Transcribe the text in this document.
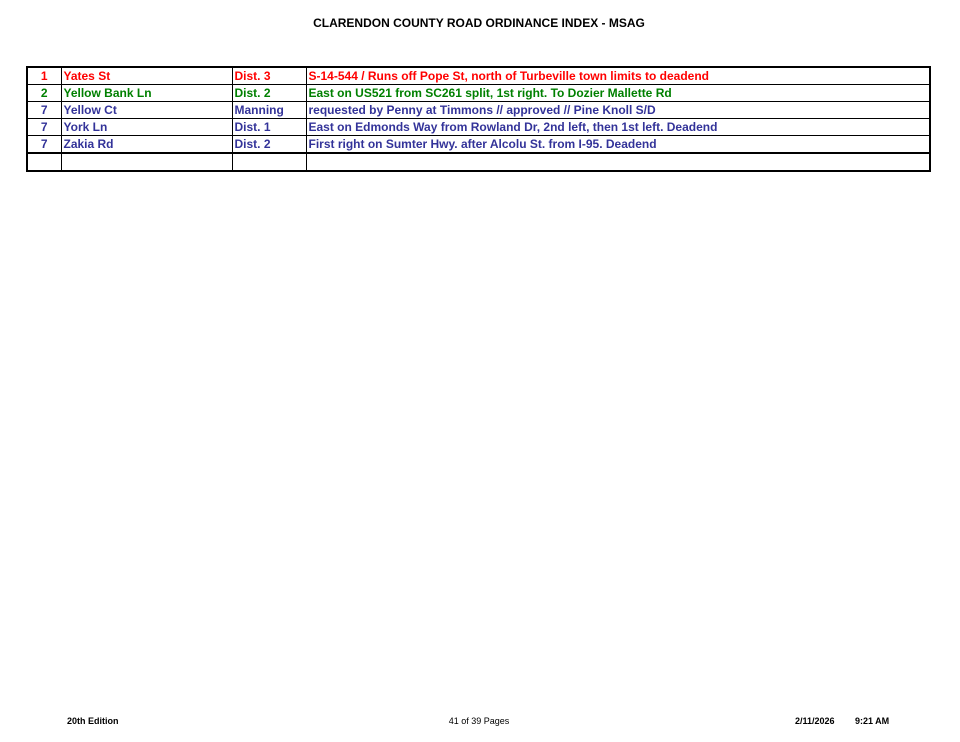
CLARENDON COUNTY ROAD ORDINANCE INDEX - MSAG
1	Yates St	Dist. 3	S-14-544 / Runs off Pope St, north of Turbeville town limits to deadend
2	Yellow Bank Ln	Dist. 2	East on US521 from SC261 split, 1st right. To Dozier Mallette Rd
7	Yellow Ct	Manning	requested by Penny at Timmons // approved // Pine Knoll S/D
7	York Ln	Dist. 1	East on Edmonds Way from Rowland Dr, 2nd left, then 1st left. Deadend
7	Zakia Rd	Dist. 2	First right on Sumter Hwy. after Alcolu St. from I-95. Deadend

20th Edition	41 of 39 Pages	2/11/2026 9:21 AM
